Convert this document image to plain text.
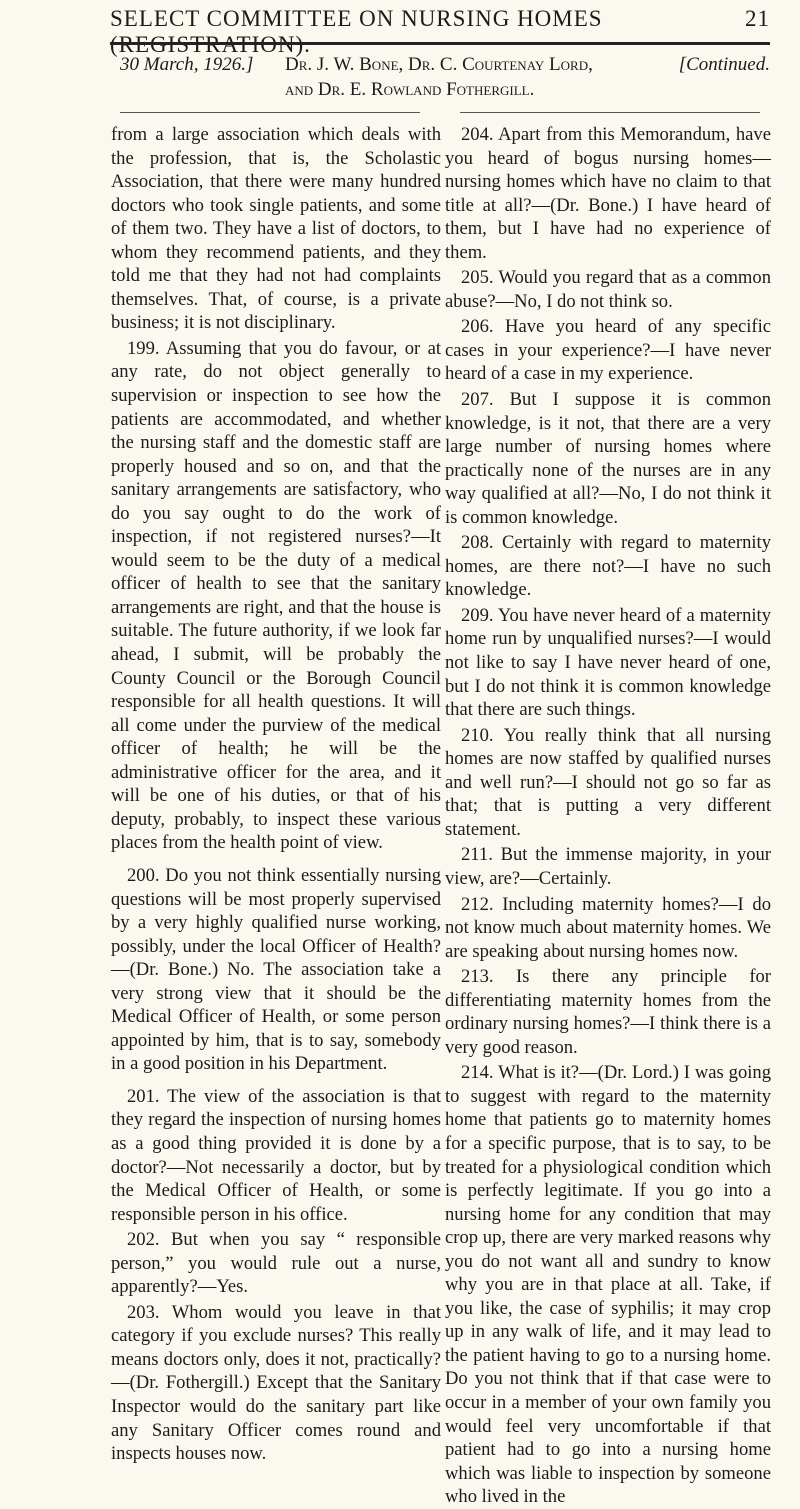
SELECT COMMITTEE ON NURSING HOMES	21
30 March, 1926.] Dr. J. W. Bone, Dr. C. Courtenay Lord,
and Dr. E. Rowland Fothergill.
[Continued.

from a large association which deals with the profession, that is, the Scholastic Association, that there were many hundred doctors who took single patients, and some of them two. They have a list of doctors, to whom they recommend patients, and they told me that they had not had complaints themselves. That, of course, is a private business; it is not disciplinary.

199. Assuming that you do favour, or at any rate, do not object generally to supervision or inspection to see how the patients are accommodated, and whether the nursing staff and the domestic staff are properly housed and so on, and that the sanitary arrangements are satisfactory, who do you say ought to do the work of inspection, if not registered nurses?—It would seem to be the duty of a medical officer of health to see that the sanitary arrangements are right, and that the house is suitable. The future authority, if we look far ahead, I submit, will be probably the County Council or the Borough Council responsible for all health questions. It will all come under the purview of the medical officer of health; he will be the administrative officer for the area, and it will be one of his duties, or that of his deputy, probably, to inspect these various places from the health point of view.

200. Do you not think essentially nursing questions will be most properly supervised by a very highly qualified nurse working, possibly, under the local Officer of Health?—(Dr. Bone.) No. The association take a very strong view that it should be the Medical Officer of Health, or some person appointed by him, that is to say, somebody in a good position in his Department.

201. The view of the association is that they regard the inspection of nursing homes as a good thing provided it is done by a doctor?—Not necessarily a doctor, but by the Medical Officer of Health, or some responsible person in his office.

202. But when you say “ responsible person,” you would rule out a nurse, apparently?—Yes.

203. Whom would you leave in that category if you exclude nurses? This really means doctors only, does it not, practically?—(Dr. Fothergill.) Except that the Sanitary Inspector would do the sanitary part like any Sanitary Officer comes round and inspects houses now.

204. Apart from this Memorandum, have you heard of bogus nursing homes—nursing homes which have no claim to that title at all?—(Dr. Bone.) I have heard of them, but I have had no experience of them.

205. Would you regard that as a common abuse?—No, I do not think so.

206. Have you heard of any specific cases in your experience?—I have never heard of a case in my experience.

207. But I suppose it is common knowledge, is it not, that there are a very large number of nursing homes where practically none of the nurses are in any way qualified at all?—No, I do not think it is common knowledge.

208. Certainly with regard to maternity homes, are there not?—I have no such knowledge.

209. You have never heard of a maternity home run by unqualified nurses?—I would not like to say I have never heard of one, but I do not think it is common knowledge that there are such things.

210. You really think that all nursing homes are now staffed by qualified nurses and well run?—I should not go so far as that; that is putting a very different statement.

211. But the immense majority, in your view, are?—Certainly.

212. Including maternity homes?—I do not know much about maternity homes. We are speaking about nursing homes now.

213. Is there any principle for differentiating maternity homes from the ordinary nursing homes?—I think there is a very good reason.

214. What is it?—(Dr. Lord.) I was going to suggest with regard to the maternity home that patients go to maternity homes for a specific purpose, that is to say, to be treated for a physiological condition which is perfectly legitimate. If you go into a nursing home for any condition that may crop up, there are very marked reasons why you do not want all and sundry to know why you are in that place at all. Take, if you like, the case of syphilis; it may crop up in any walk of life, and it may lead to the patient having to go to a nursing home. Do you not think that if that case were to occur in a member of your own family you would feel very uncomfortable if that patient had to go into a nursing home which was liable to inspection by someone who lived in the
